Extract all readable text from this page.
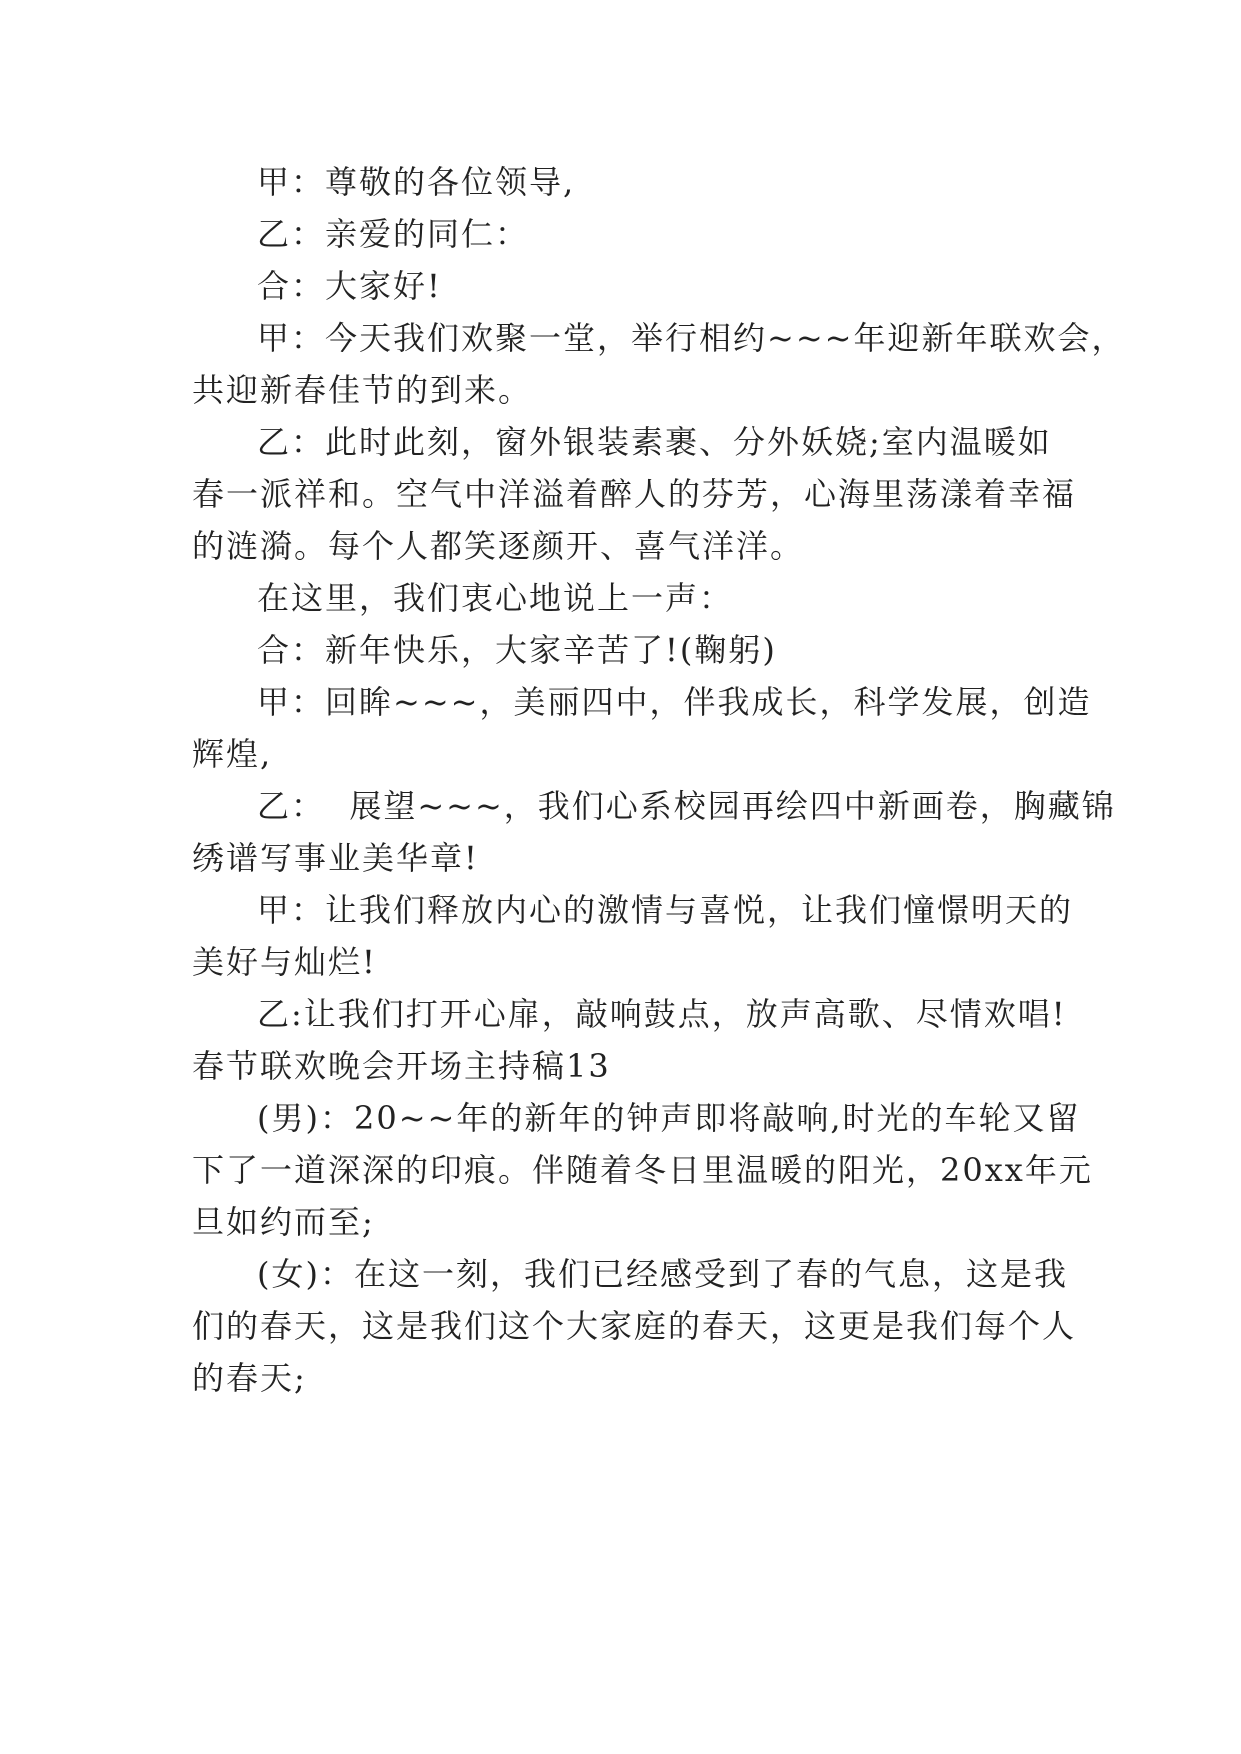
甲：尊敬的各位领导,

乙：亲爱的同仁：

合：大家好!

甲：今天我们欢聚一堂，举行相约~~~年迎新年联欢会，
共迎新春佳节的到来。

乙：此时此刻，窗外银装素裹、分外妖娆;室内温暖如
春一派祥和。空气中洋溢着醉人的芬芳，心海里荡漾着幸福
的涟漪。每个人都笑逐颜开、喜气洋洋。

在这里，我们衷心地说上一声：

合：新年快乐，大家辛苦了!(鞠躬)

甲：回眸~~~，美丽四中，伴我成长，科学发展，创造
辉煌,

乙：  展望~~~，我们心系校园再绘四中新画卷，胸藏锦
绣谱写事业美华章!

甲：让我们释放内心的激情与喜悦，让我们憧憬明天的
美好与灿烂!

乙:让我们打开心扉，敲响鼓点，放声高歌、尽情欢唱!

春节联欢晚会开场主持稿13

(男)：20~~年的新年的钟声即将敲响,时光的车轮又留
下了一道深深的印痕。伴随着冬日里温暖的阳光，20xx年元
旦如约而至;

(女)：在这一刻，我们已经感受到了春的气息，这是我
们的春天，这是我们这个大家庭的春天，这更是我们每个人
的春天;
